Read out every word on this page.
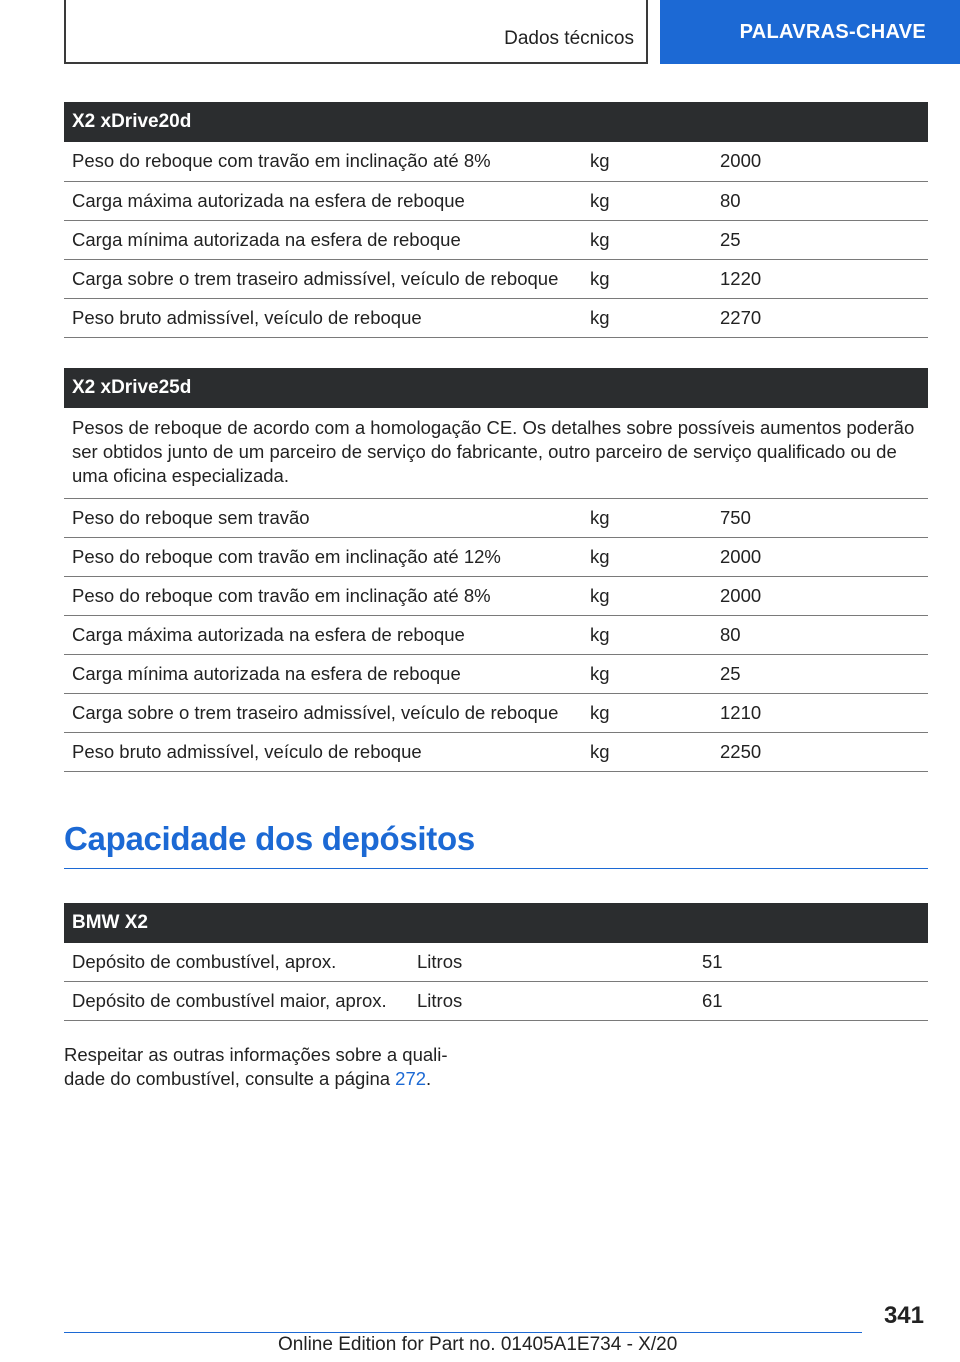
Dados técnicos	PALAVRAS-CHAVE
X2 xDrive20d		
Peso do reboque com travão em inclinação até 8%	kg	2000
Carga máxima autorizada na esfera de reboque	kg	80
Carga mínima autorizada na esfera de reboque	kg	25
Carga sobre o trem traseiro admissível, veículo de reboque	kg	1220
Peso bruto admissível, veículo de reboque	kg	2270
X2 xDrive25d		
Pesos de reboque de acordo com a homologação CE. Os detalhes sobre possíveis aumentos poderão ser obtidos junto de um parceiro de serviço do fabricante, outro parceiro de serviço qualificado ou de uma oficina especializada.		
Peso do reboque sem travão	kg	750
Peso do reboque com travão em inclinação até 12%	kg	2000
Peso do reboque com travão em inclinação até 8%	kg	2000
Carga máxima autorizada na esfera de reboque	kg	80
Carga mínima autorizada na esfera de reboque	kg	25
Carga sobre o trem traseiro admissível, veículo de reboque	kg	1210
Peso bruto admissível, veículo de reboque	kg	2250
Capacidade dos depósitos
BMW X2		
Depósito de combustível, aprox.	Litros	51
Depósito de combustível maior, aprox.	Litros	61

Respeitar as outras informações sobre a qualidade do combustível, consulte a página 272.

341
Online Edition for Part no. 01405A1E734 - X/20
